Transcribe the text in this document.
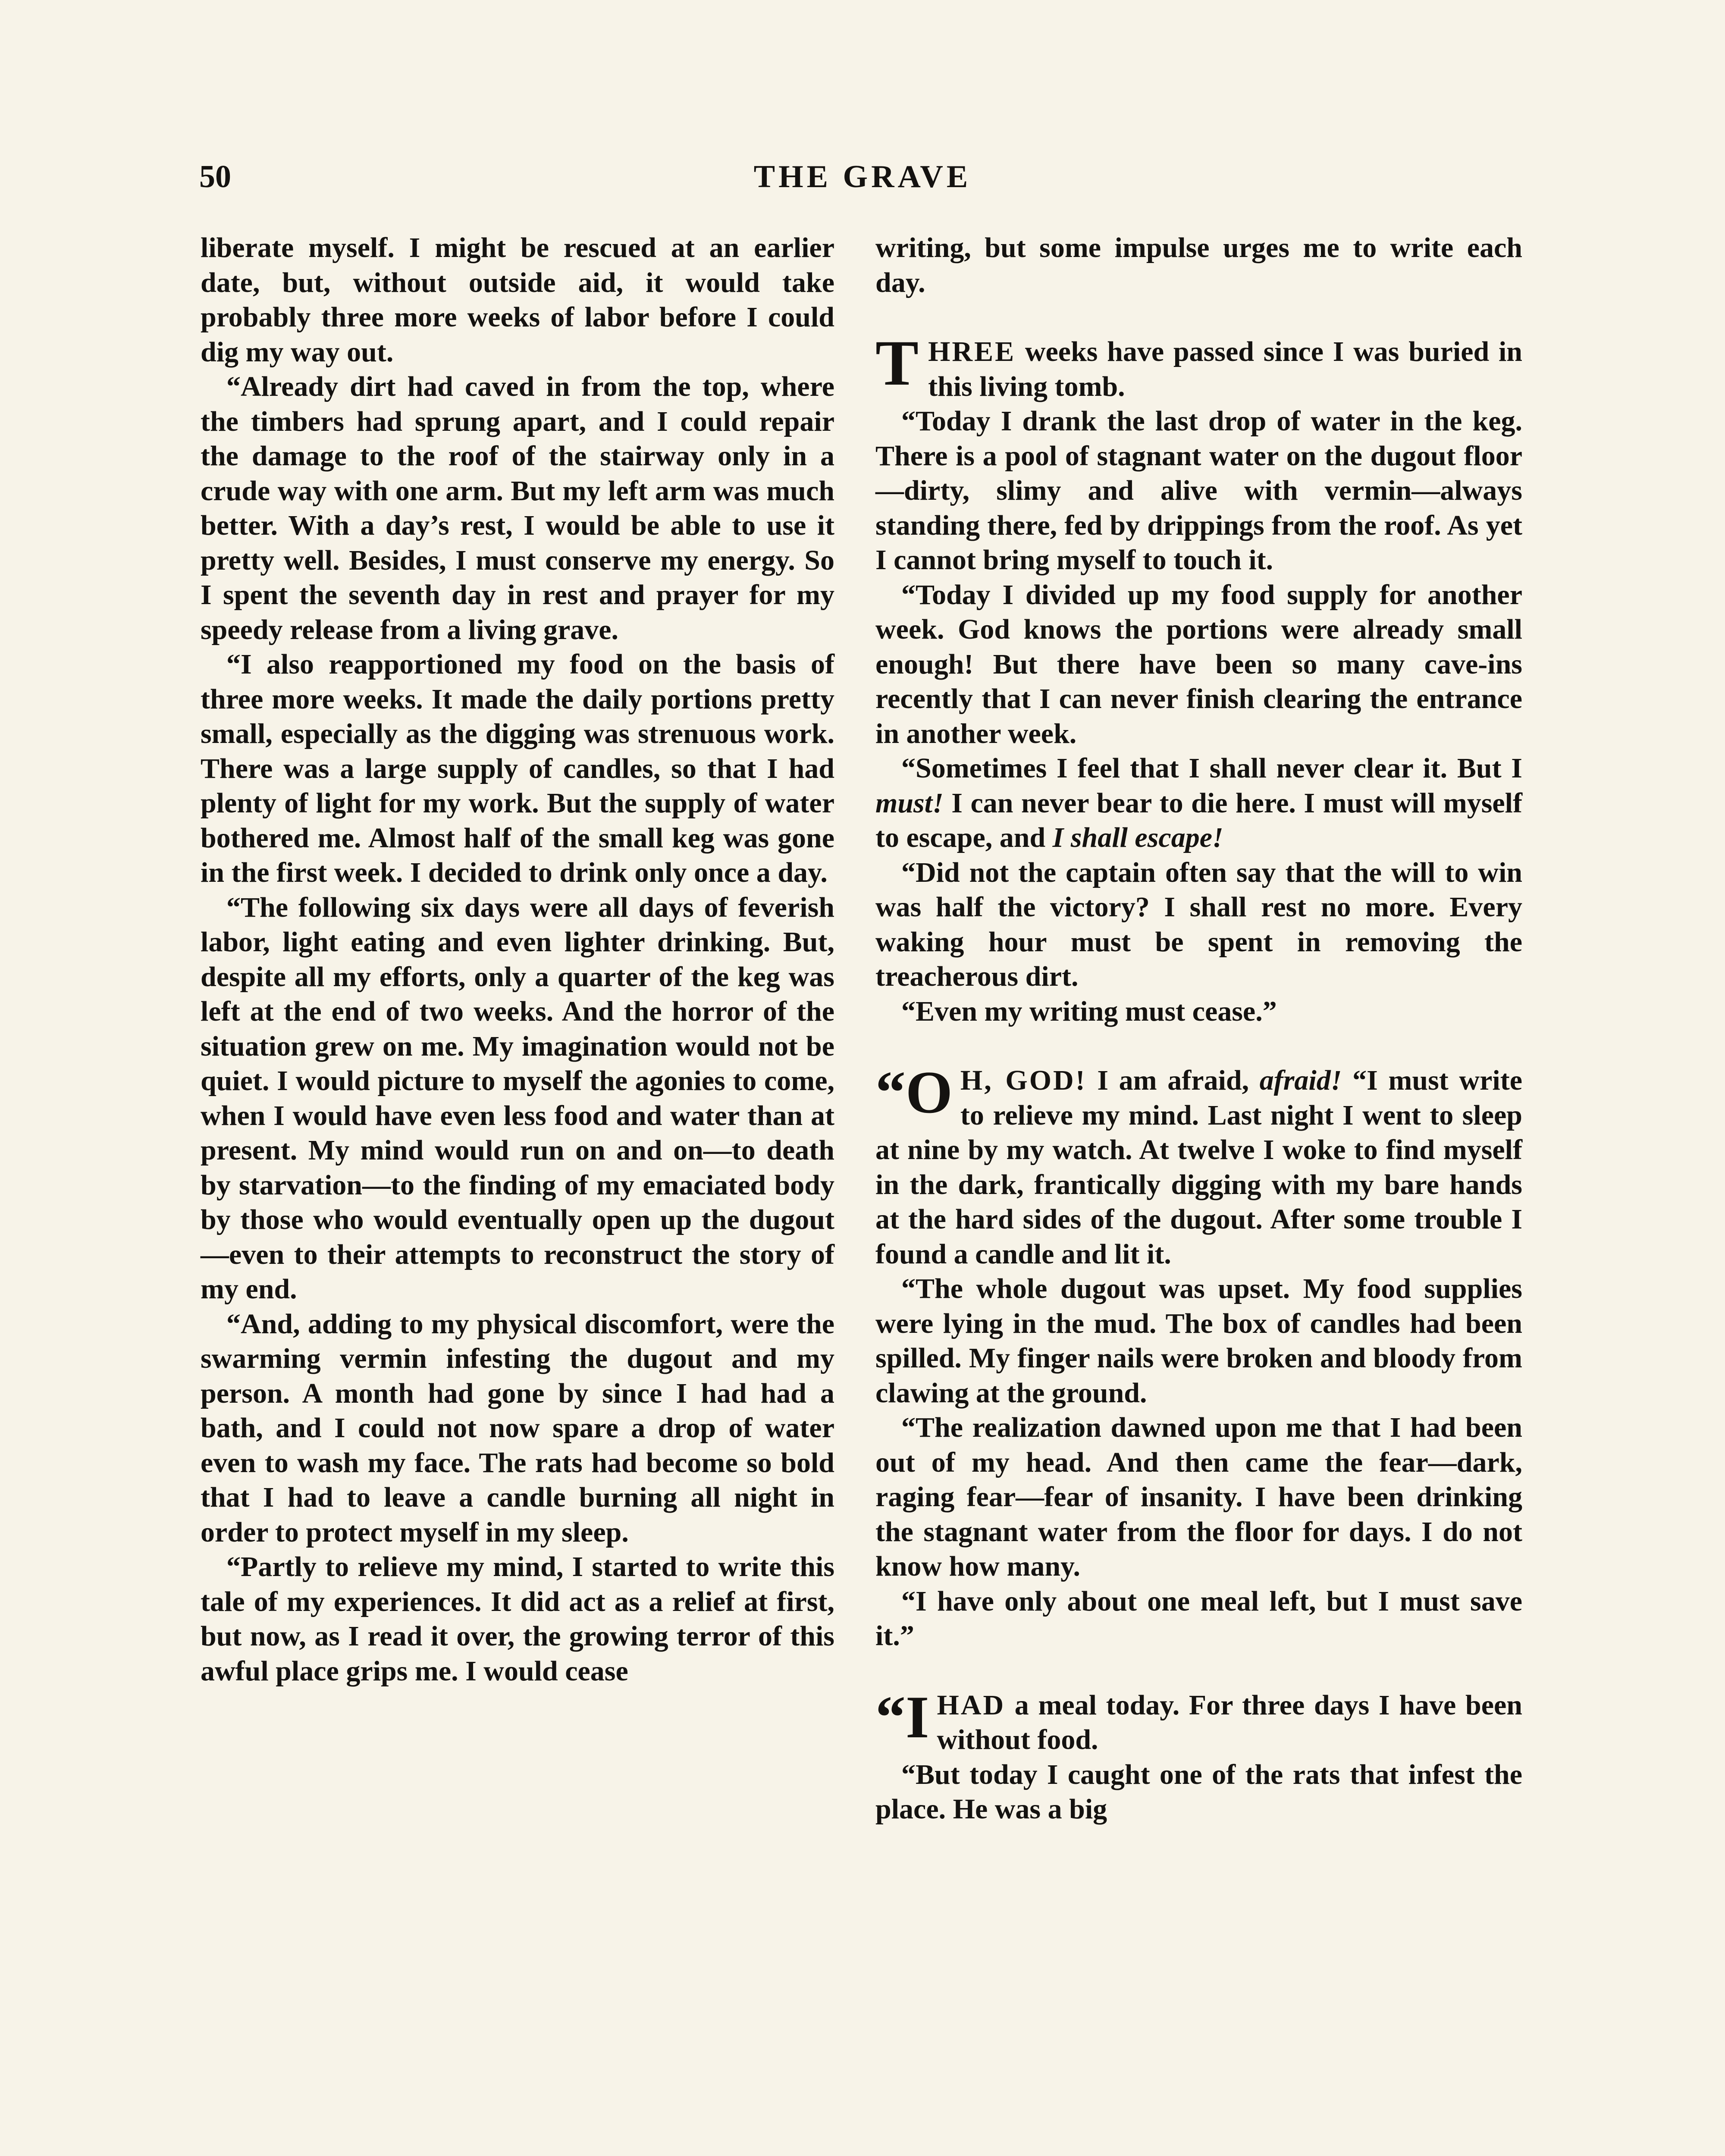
50	THE GRAVE

liberate myself. I might be rescued at an earlier date, but, without outside aid, it would take probably three more weeks of labor before I could dig my way out.

“Already dirt had caved in from the top, where the timbers had sprung apart, and I could repair the damage to the roof of the stairway only in a crude way with one arm. But my left arm was much better. With a day’s rest, I would be able to use it pretty well. Besides, I must conserve my energy. So I spent the seventh day in rest and prayer for my speedy release from a living grave.

“I also reapportioned my food on the basis of three more weeks. It made the daily portions pretty small, especially as the digging was strenuous work. There was a large supply of candles, so that I had plenty of light for my work. But the supply of water bothered me. Almost half of the small keg was gone in the first week. I decided to drink only once a day.

“The following six days were all days of feverish labor, light eating and even lighter drinking. But, despite all my efforts, only a quarter of the keg was left at the end of two weeks. And the horror of the situation grew on me. My imagination would not be quiet. I would picture to myself the agonies to come, when I would have even less food and water than at present. My mind would run on and on—to death by starvation—to the finding of my emaciated body by those who would eventually open up the dugout—even to their attempts to reconstruct the story of my end.

“And, adding to my physical discomfort, were the swarming vermin infesting the dugout and my person. A month had gone by since I had had a bath, and I could not now spare a drop of water even to wash my face. The rats had become so bold that I had to leave a candle burning all night in order to protect myself in my sleep.

“Partly to relieve my mind, I started to write this tale of my experiences. It did act as a relief at first, but now, as I read it over, the growing terror of this awful place grips me. I would cease

writing, but some impulse urges me to write each day.

THREE weeks have passed since I was buried in this living tomb.

“Today I drank the last drop of water in the keg. There is a pool of stagnant water on the dugout floor—dirty, slimy and alive with vermin—always standing there, fed by drippings from the roof. As yet I cannot bring myself to touch it.

“Today I divided up my food supply for another week. God knows the portions were already small enough! But there have been so many cave-ins recently that I can never finish clearing the entrance in another week.

“Sometimes I feel that I shall never clear it. But I must! I can never bear to die here. I must will myself to escape, and I shall escape!

“Did not the captain often say that the will to win was half the victory? I shall rest no more. Every waking hour must be spent in removing the treacherous dirt.

“Even my writing must cease.”

“O H, GOD! I am afraid, afraid! “I must write to relieve my mind. Last night I went to sleep at nine by my watch. At twelve I woke to find myself in the dark, frantically digging with my bare hands at the hard sides of the dugout. After some trouble I found a candle and lit it.

“The whole dugout was upset. My food supplies were lying in the mud. The box of candles had been spilled. My finger nails were broken and bloody from clawing at the ground.

“The realization dawned upon me that I had been out of my head. And then came the fear—dark, raging fear—fear of insanity. I have been drinking the stagnant water from the floor for days. I do not know how many.

“I have only about one meal left, but I must save it.”

“IHAD a meal today. For three days I have been without food.

“But today I caught one of the rats that infest the place. He was a big
